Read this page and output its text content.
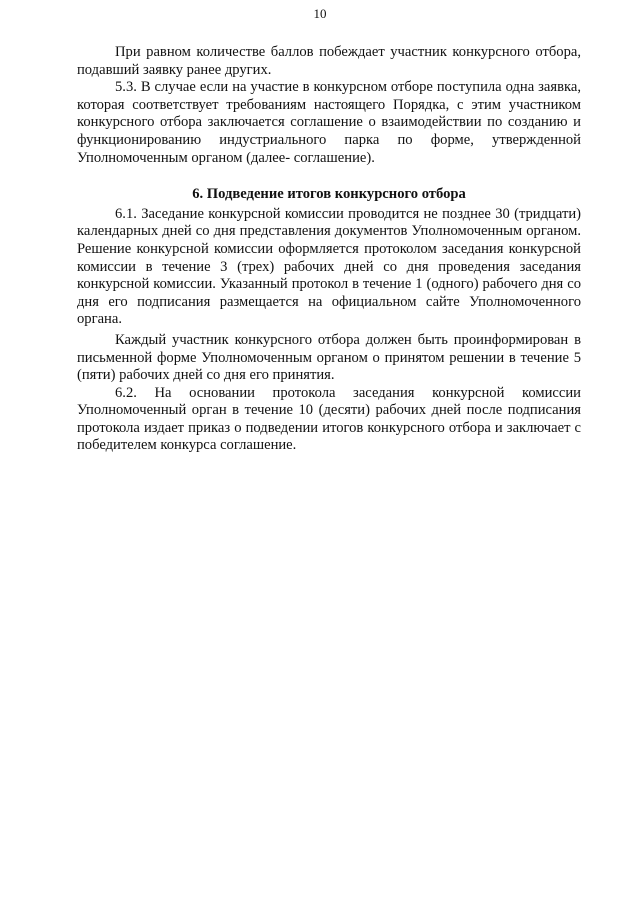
10

При равном количестве баллов побеждает участник конкурсного отбора, подавший заявку ранее других.

5.3. В случае если на участие в конкурсном отборе поступила одна заявка, которая соответствует требованиям настоящего Порядка, с этим участником конкурсного отбора заключается соглашение о взаимодействии по созданию и функционированию индустриального парка по форме, утвержденной Уполномоченным органом (далее- соглашение).

6. Подведение итогов конкурсного отбора

6.1. Заседание конкурсной комиссии проводится не позднее 30 (тридцати) календарных дней со дня представления документов Уполномоченным органом. Решение конкурсной комиссии оформляется протоколом заседания конкурсной комиссии в течение 3 (трех) рабочих дней со дня проведения заседания конкурсной комиссии. Указанный протокол в течение 1 (одного) рабочего дня со дня его подписания размещается на официальном сайте Уполномоченного органа.

Каждый участник конкурсного отбора должен быть проинформирован в письменной форме Уполномоченным органом о принятом решении в течение 5 (пяти) рабочих дней со дня его принятия.

6.2. На основании протокола заседания конкурсной комиссии Уполномоченный орган в течение 10 (десяти) рабочих дней после подписания протокола издает приказ о подведении итогов конкурсного отбора и заключает с победителем конкурса соглашение.
